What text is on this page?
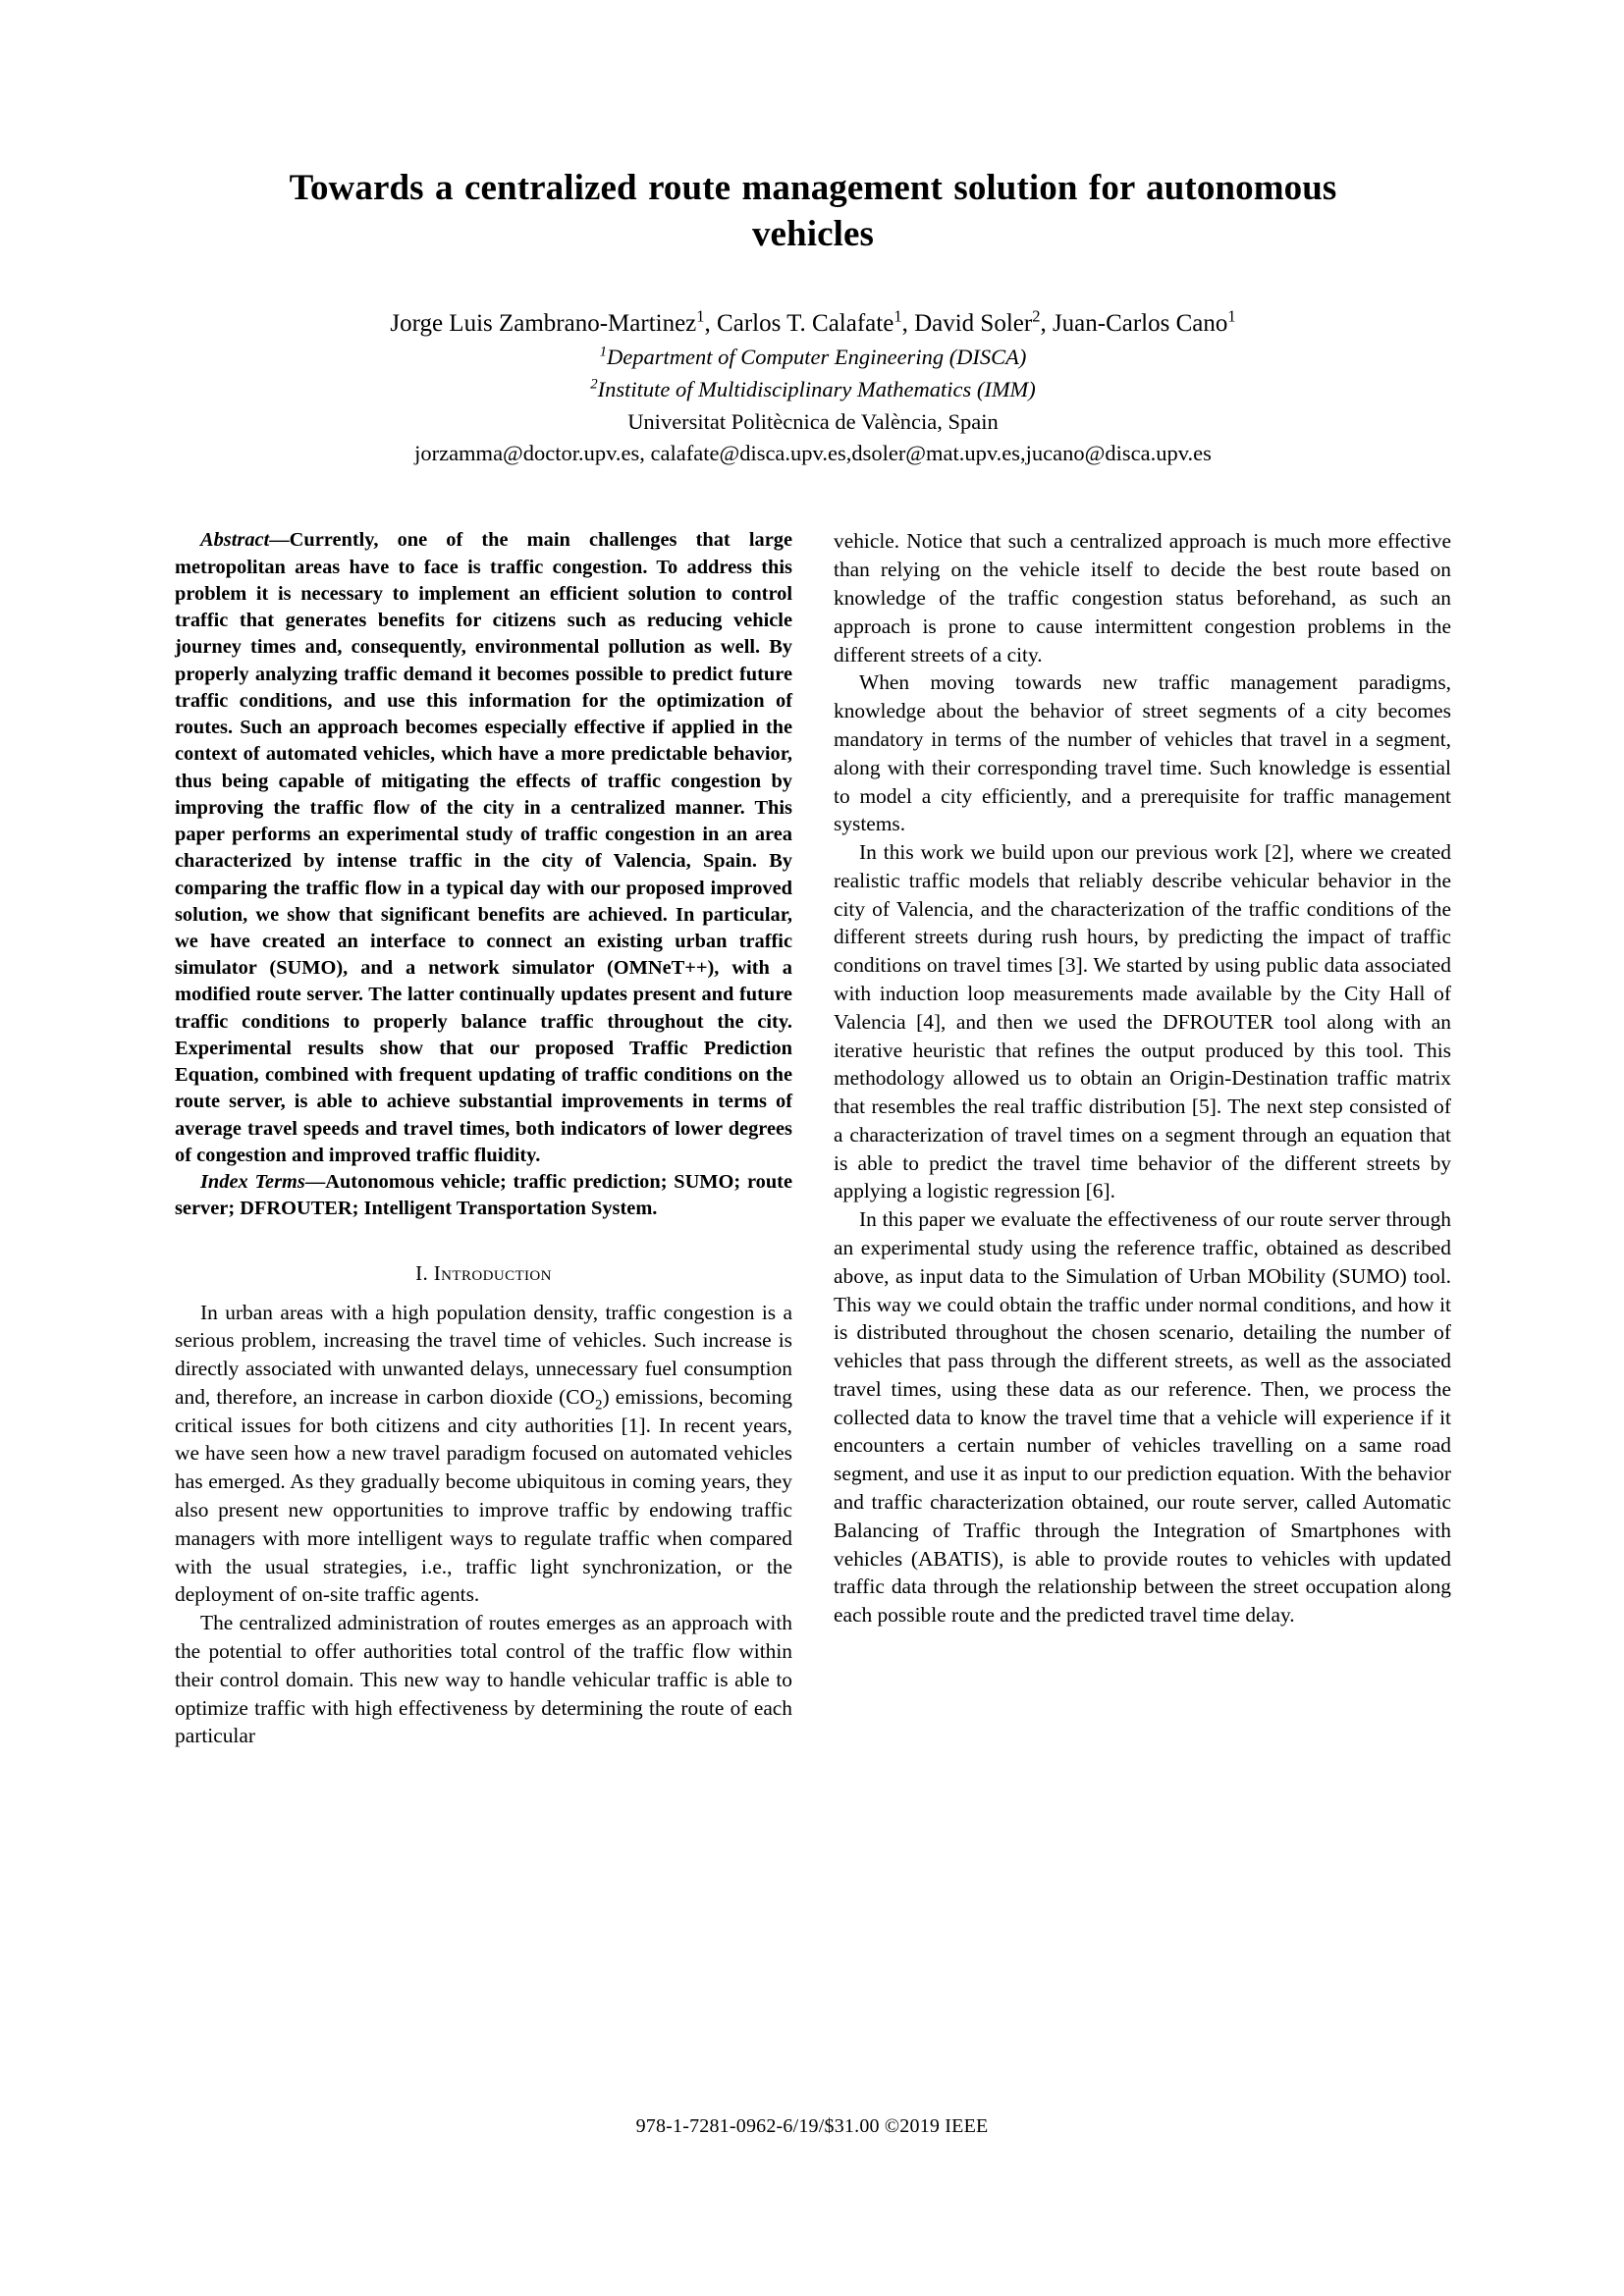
Towards a centralized route management solution for autonomous
vehicles
Jorge Luis Zambrano-Martinez$^1$, Carlos T. Calafate$^1$, David Soler$^2$, Juan-Carlos Cano$^1$
$^1$Department of Computer Engineering (DISCA)
$^2$Institute of Multidisciplinary Mathematics (IMM)
Universitat Politècnica de València, Spain
jorzamma@doctor.upv.es, calafate@disca.upv.es,dsoler@mat.upv.es,jucano@disca.upv.es

Abstract—Currently, one of the main challenges that large metropolitan areas have to face is traffic congestion. To address this problem it is necessary to implement an efficient solution to control traffic that generates benefits for citizens such as reducing vehicle journey times and, consequently, environmental pollution as well. By properly analyzing traffic demand it becomes possible to predict future traffic conditions, and use this information for the optimization of routes. Such an approach becomes especially effective if applied in the context of automated vehicles, which have a more predictable behavior, thus being capable of mitigating the effects of traffic congestion by improving the traffic flow of the city in a centralized manner. This paper performs an experimental study of traffic congestion in an area characterized by intense traffic in the city of Valencia, Spain. By comparing the traffic flow in a typical day with our proposed improved solution, we show that significant benefits are achieved. In particular, we have created an interface to connect an existing urban traffic simulator (SUMO), and a network simulator (OMNeT++), with a modified route server. The latter continually updates present and future traffic conditions to properly balance traffic throughout the city. Experimental results show that our proposed Traffic Prediction Equation, combined with frequent updating of traffic conditions on the route server, is able to achieve substantial improvements in terms of average travel speeds and travel times, both indicators of lower degrees of congestion and improved traffic fluidity.

Index Terms—Autonomous vehicle; traffic prediction; SUMO; route server; DFROUTER; Intelligent Transportation System.

I. Introduction

In urban areas with a high population density, traffic congestion is a serious problem, increasing the travel time of vehicles. Such increase is directly associated with unwanted delays, unnecessary fuel consumption and, therefore, an increase in carbon dioxide $(CO_2)$ emissions, becoming critical issues for both citizens and city authorities [1]. In recent years, we have seen how a new travel paradigm focused on automated vehicles has emerged. As they gradually become ubiquitous in coming years, they also present new opportunities to improve traffic by endowing traffic managers with more intelligent ways to regulate traffic when compared with the usual strategies, i.e., traffic light synchronization, or the deployment of on-site traffic agents.

The centralized administration of routes emerges as an approach with the potential to offer authorities total control of the traffic flow within their control domain. This new way to handle vehicular traffic is able to optimize traffic with high effectiveness by determining the route of each particular

vehicle. Notice that such a centralized approach is much more effective than relying on the vehicle itself to decide the best route based on knowledge of the traffic congestion status beforehand, as such an approach is prone to cause intermittent congestion problems in the different streets of a city.

When moving towards new traffic management paradigms, knowledge about the behavior of street segments of a city becomes mandatory in terms of the number of vehicles that travel in a segment, along with their corresponding travel time. Such knowledge is essential to model a city efficiently, and a prerequisite for traffic management systems.

In this work we build upon our previous work [2], where we created realistic traffic models that reliably describe vehicular behavior in the city of Valencia, and the characterization of the traffic conditions of the different streets during rush hours, by predicting the impact of traffic conditions on travel times [3]. We started by using public data associated with induction loop measurements made available by the City Hall of Valencia [4], and then we used the DFROUTER tool along with an iterative heuristic that refines the output produced by this tool. This methodology allowed us to obtain an Origin-Destination traffic matrix that resembles the real traffic distribution [5]. The next step consisted of a characterization of travel times on a segment through an equation that is able to predict the travel time behavior of the different streets by applying a logistic regression [6].

In this paper we evaluate the effectiveness of our route server through an experimental study using the reference traffic, obtained as described above, as input data to the Simulation of Urban MObility (SUMO) tool. This way we could obtain the traffic under normal conditions, and how it is distributed throughout the chosen scenario, detailing the number of vehicles that pass through the different streets, as well as the associated travel times, using these data as our reference. Then, we process the collected data to know the travel time that a vehicle will experience if it encounters a certain number of vehicles travelling on a same road segment, and use it as input to our prediction equation. With the behavior and traffic characterization obtained, our route server, called Automatic Balancing of Traffic through the Integration of Smartphones with vehicles (ABATIS), is able to provide routes to vehicles with updated traffic data through the relationship between the street occupation along each possible route and the predicted travel time delay.

978-1-7281-0962-6/19/$31.00 ©2019 IEEE
